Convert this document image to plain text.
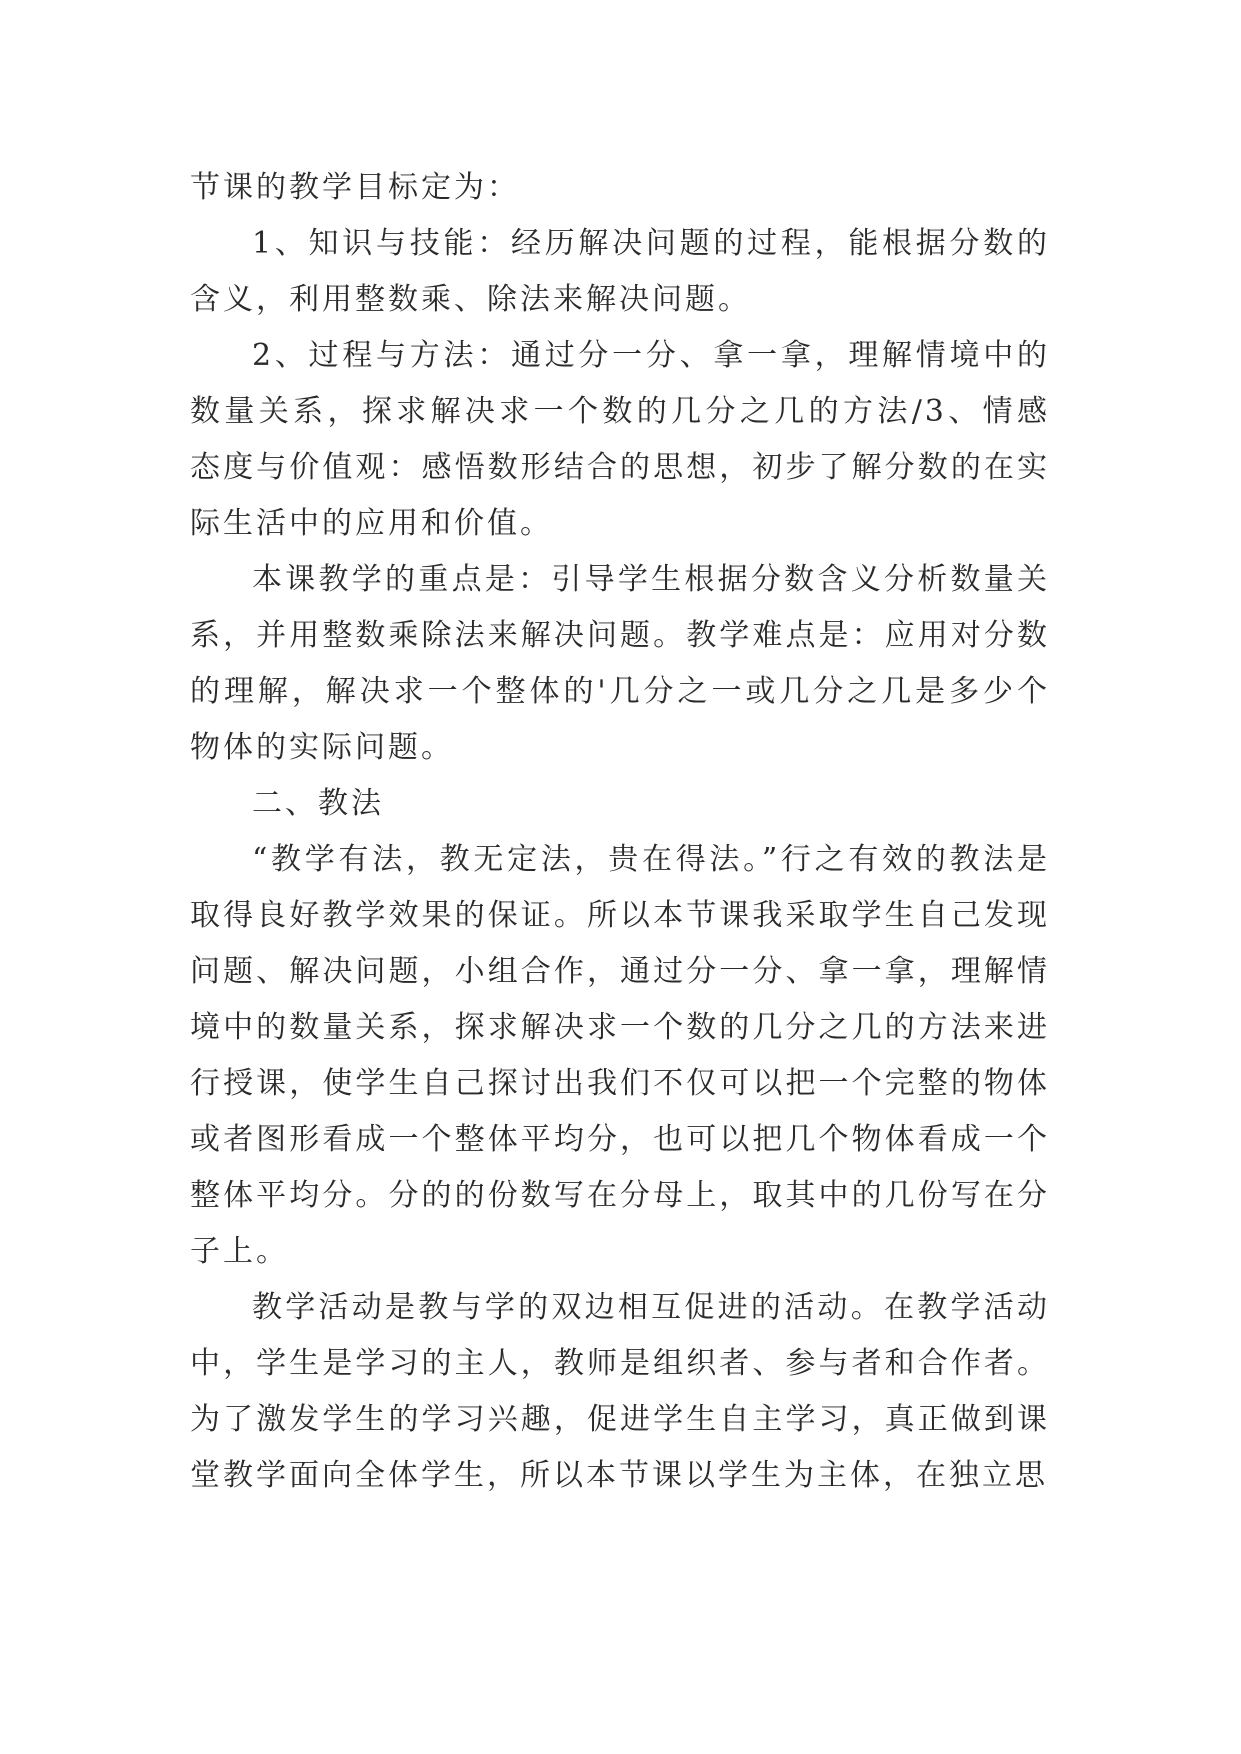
节课的教学目标定为：

1、知识与技能：经历解决问题的过程，能根据分数的含义，利用整数乘、除法来解决问题。

2、过程与方法：通过分一分、拿一拿，理解情境中的数量关系，探求解决求一个数的几分之几的方法/3、情感态度与价值观：感悟数形结合的思想，初步了解分数的在实际生活中的应用和价值。

本课教学的重点是：引导学生根据分数含义分析数量关系，并用整数乘除法来解决问题。教学难点是：应用对分数的理解，解决求一个整体的'几分之一或几分之几是多少个物体的实际问题。

二、教法

“教学有法，教无定法，贵在得法。”行之有效的教法是取得良好教学效果的保证。所以本节课我采取学生自己发现问题、解决问题，小组合作，通过分一分、拿一拿，理解情境中的数量关系，探求解决求一个数的几分之几的方法来进行授课，使学生自己探讨出我们不仅可以把一个完整的物体或者图形看成一个整体平均分，也可以把几个物体看成一个整体平均分。分的的份数写在分母上，取其中的几份写在分子上。

教学活动是教与学的双边相互促进的活动。在教学活动中，学生是学习的主人，教师是组织者、参与者和合作者。为了激发学生的学习兴趣，促进学生自主学习，真正做到课堂教学面向全体学生，所以本节课以学生为主体，在独立思
